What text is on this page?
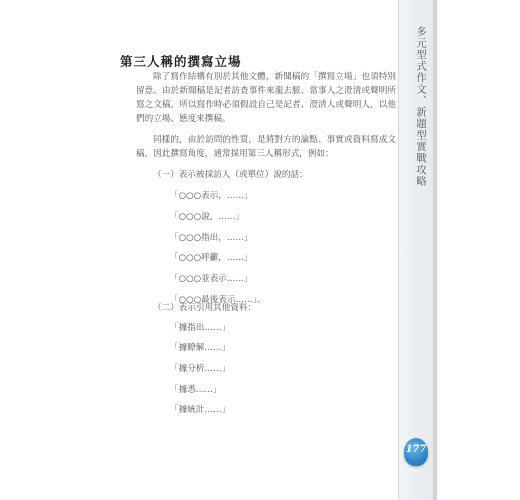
多元型式作文、新題型實戰攻略
177
第三人稱的撰寫立場
除了寫作結構有別於其他文體，新聞稿的「撰寫立場」也須特別留意。由於新聞稿是記者訪查事件來龍去脈、當事人之澄清或聲明所寫之文稿，所以寫作時必須假設自己是記者、澄清人或聲明人，以他們的立場、態度來撰稿。
同樣的，由於訪問的性質，是將對方的論點、事實或資料寫成文稿，因此撰寫角度，通常採用第三人稱形式，例如：
（一）表示被採訪人（或單位）說的話：
「○○○表示，……」
「○○○說，……」
「○○○指出，……」
「○○○呼籲，……」
「○○○並表示……」
「○○○最後表示……」。
（二）表示引用其他資料：
「據指出……」
「據瞭解……」
「據分析……」
「據悉……」
「據統計……」
